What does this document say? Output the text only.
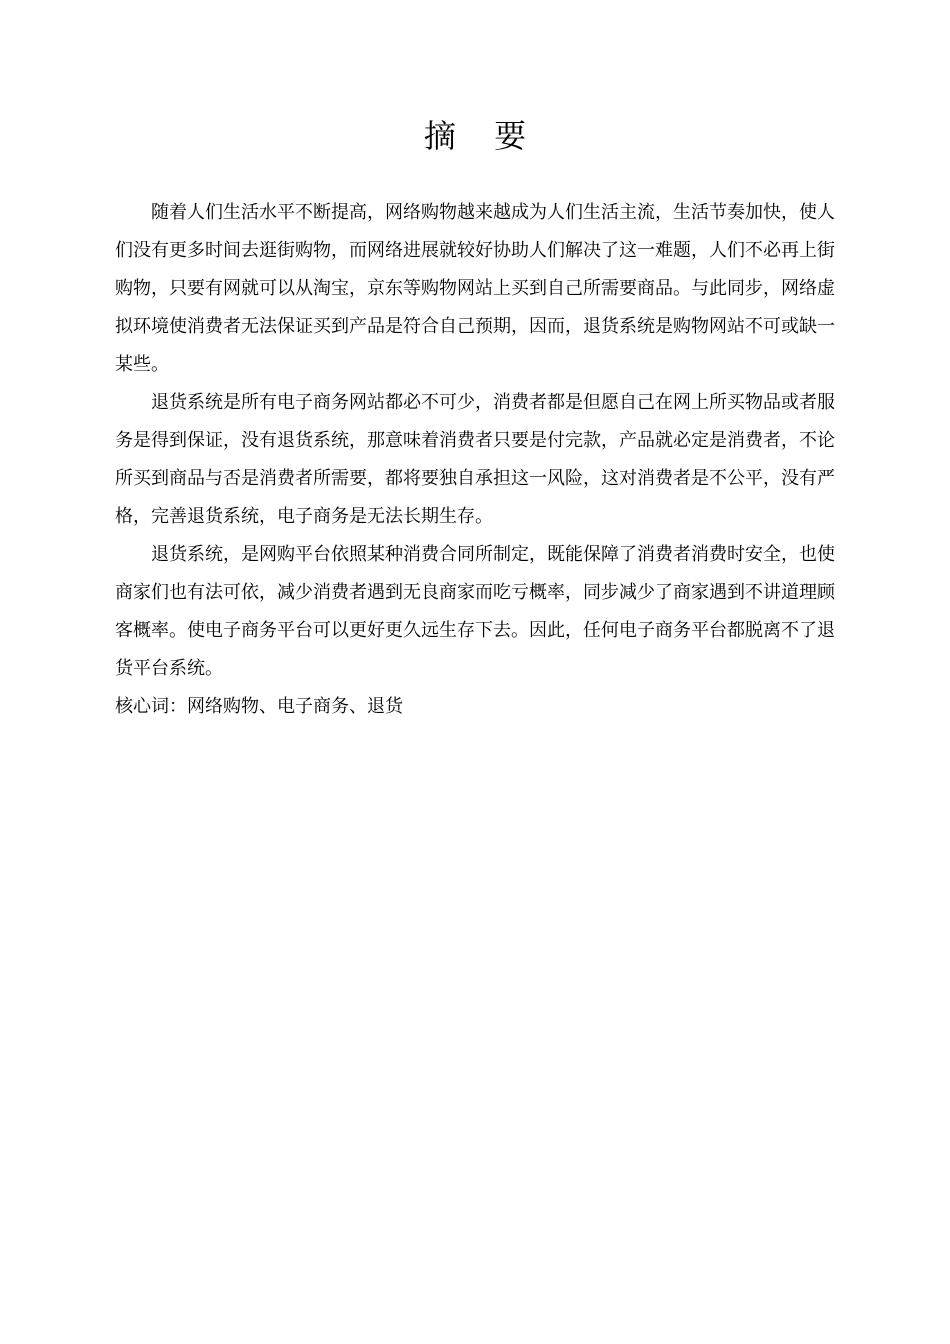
摘 要

随着人们生活水平不断提高，网络购物越来越成为人们生活主流，生活节奏加快，使人们没有更多时间去逛街购物，而网络进展就较好协助人们解决了这一难题，人们不必再上街购物，只要有网就可以从淘宝，京东等购物网站上买到自己所需要商品。与此同步，网络虚拟环境使消费者无法保证买到产品是符合自己预期，因而，退货系统是购物网站不可或缺一某些。

退货系统是所有电子商务网站都必不可少，消费者都是但愿自己在网上所买物品或者服务是得到保证，没有退货系统，那意味着消费者只要是付完款，产品就必定是消费者，不论所买到商品与否是消费者所需要，都将要独自承担这一风险，这对消费者是不公平，没有严格，完善退货系统，电子商务是无法长期生存。

退货系统，是网购平台依照某种消费合同所制定，既能保障了消费者消费时安全，也使商家们也有法可依，减少消费者遇到无良商家而吃亏概率，同步减少了商家遇到不讲道理顾客概率。使电子商务平台可以更好更久远生存下去。因此，任何电子商务平台都脱离不了退货平台系统。

核心词：网络购物、电子商务、退货
